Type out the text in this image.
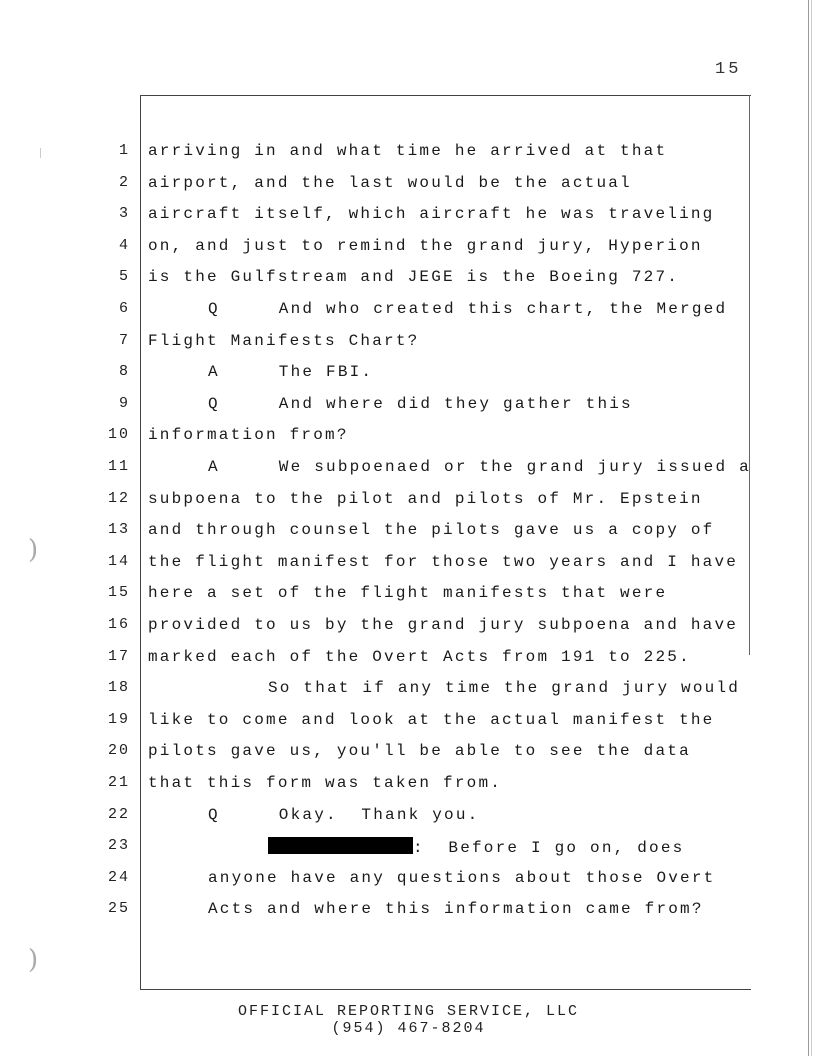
)
)
15
1 arriving in and what time he arrived at that
2 airport, and the last would be the actual
3 aircraft itself, which aircraft he was traveling
4 on, and just to remind the grand jury, Hyperion
5 is the Gulfstream and JEGE is the Boeing 727.
6	Q     And who created this chart, the Merged
7 Flight Manifests Chart?
8	A     The FBI.
9	Q     And where did they gather this
10 information from?
11	A     We subpoenaed or the grand jury issued a
12 subpoena to the pilot and pilots of Mr. Epstein
13 and through counsel the pilots gave us a copy of
14 the flight manifest for those two years and I have
15 here a set of the flight manifests that were
16 provided to us by the grand jury subpoena and have
17 marked each of the Overt Acts from 191 to 225.
18	So that if any time the grand jury would
19 like to come and look at the actual manifest the
20 pilots gave us, you'll be able to see the data
21 that this form was taken from.
22	Q     Okay.  Thank you.
23	:  Before I go on, does
24	anyone have any questions about those Overt
25	Acts and where this information came from?
OFFICIAL REPORTING SERVICE, LLC
(954) 467-8204
